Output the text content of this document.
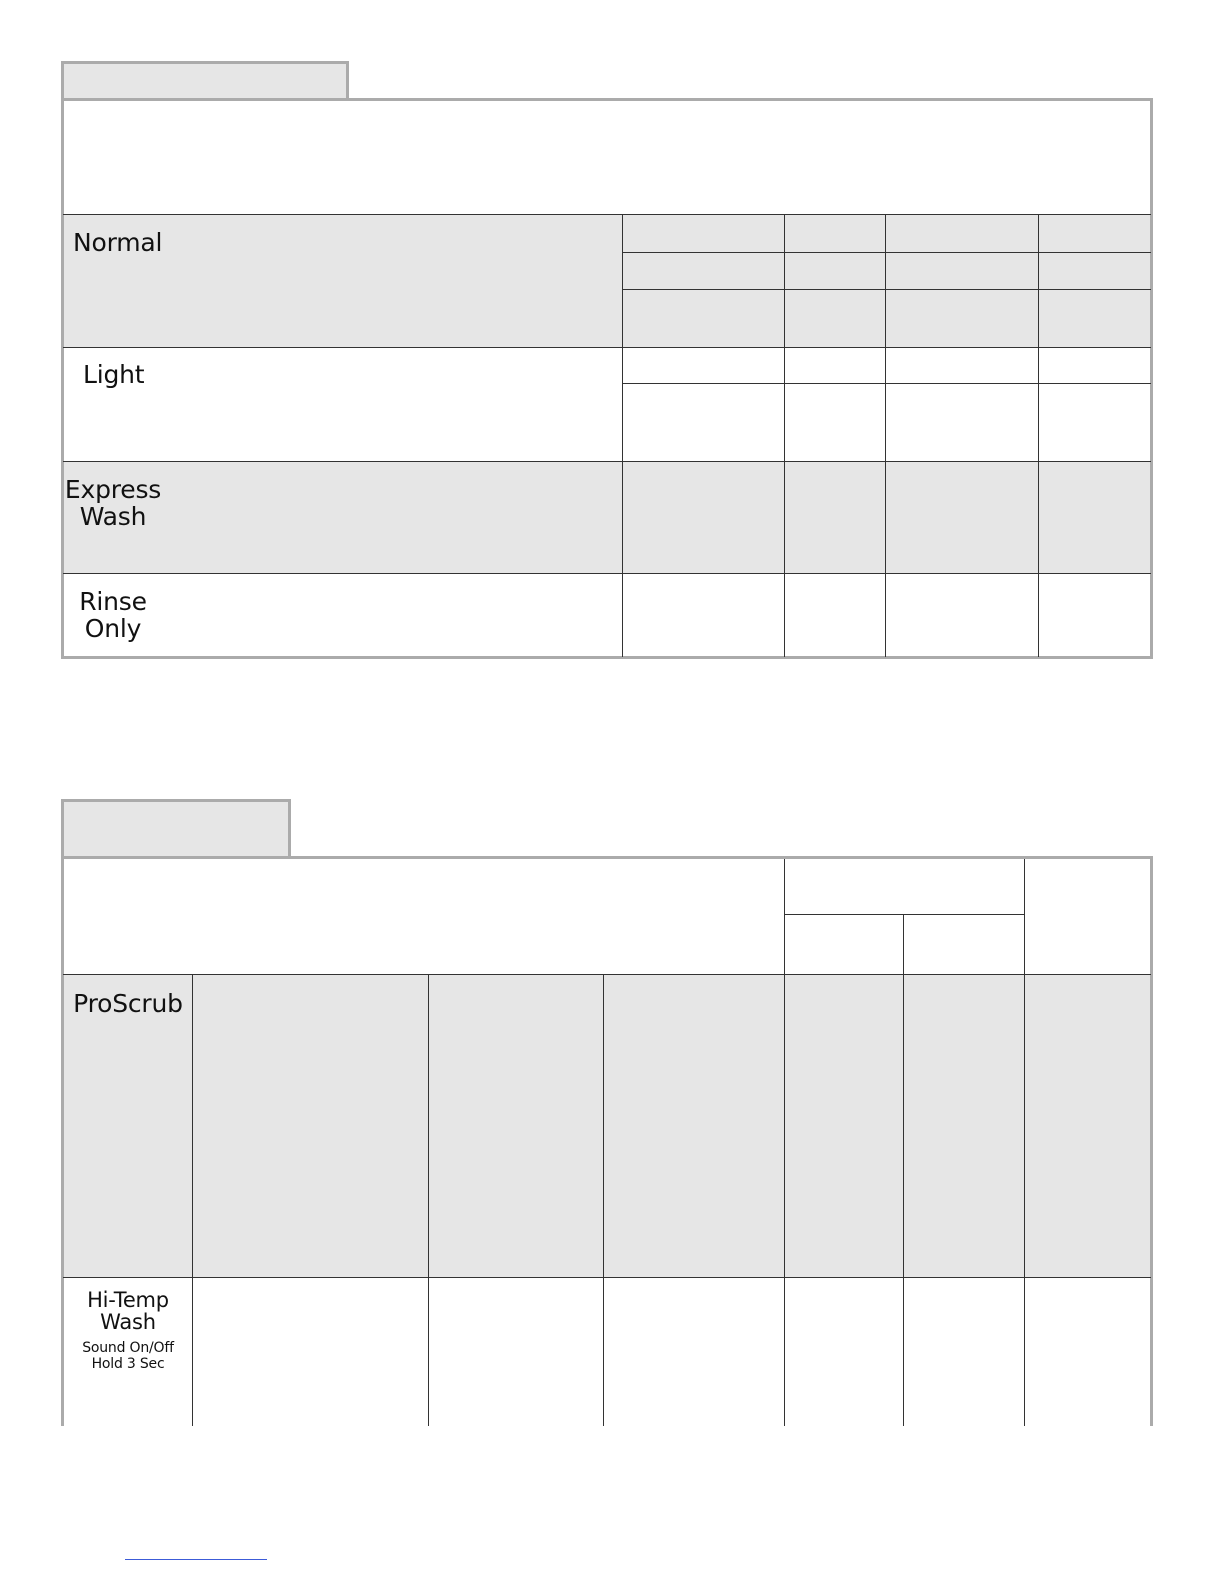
Normal
Light
Express
Wash
Rinse
Only
ProScrub
Hi-Temp
Wash
Sound On/Off
Hold 3 Sec
